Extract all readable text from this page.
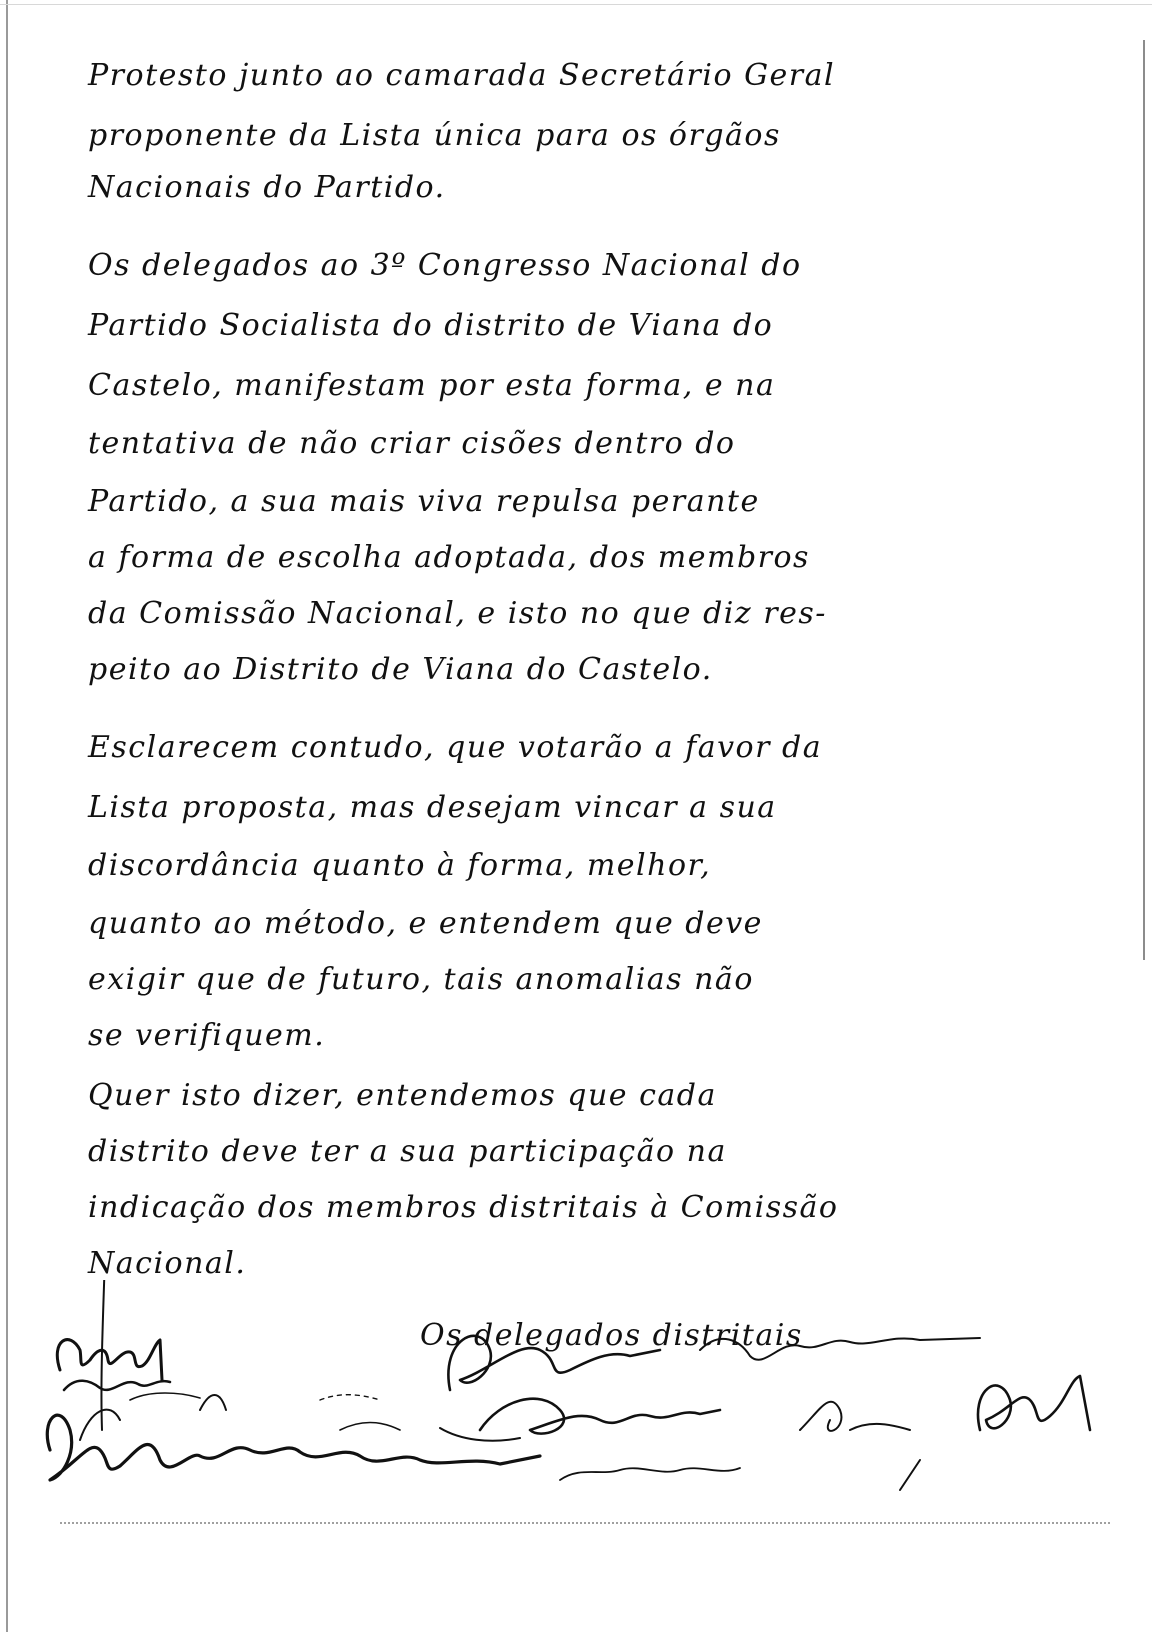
Protesto junto ao camarada Secretário Geral

proponente da Lista única para os órgãos

Nacionais do Partido.

Os delegados ao 3º Congresso Nacional do

Partido Socialista do distrito de Viana do

Castelo, manifestam por esta forma, e na

tentativa de não criar cisões dentro do

Partido, a sua mais viva repulsa perante

a forma de escolha adoptada, dos membros

da Comissão Nacional, e isto no que diz res-

peito ao Distrito de Viana do Castelo.

Esclarecem contudo, que votarão a favor da

Lista proposta, mas desejam vincar a sua

discordância quanto à forma, melhor,

quanto ao método, e entendem que deve

exigir que de futuro, tais anomalias não

se verifiquem.

Quer isto dizer, entendemos que cada

distrito deve ter a sua participação na

indicação dos membros distritais à Comissão

Nacional.

Os delegados distritais
